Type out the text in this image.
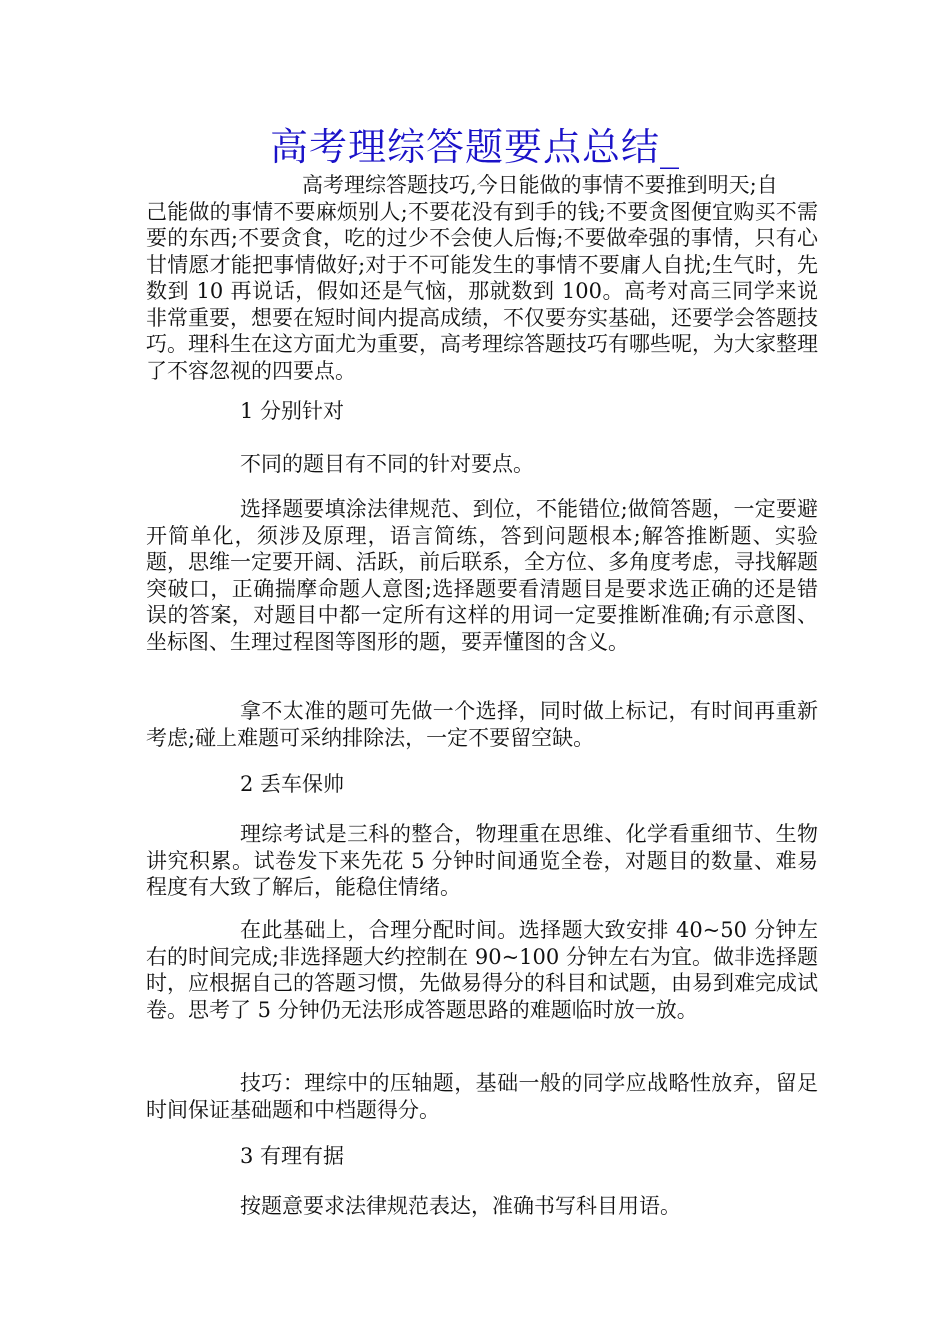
高考理综答题要点总结_
高考理综答题技巧,今日能做的事情不要推到明天;自
己能做的事情不要麻烦别人;不要花没有到手的钱;不要贪图便宜购买不需要的东西;不要贪食，吃的过少不会使人后悔;不要做牵强的事情，只有心甘情愿才能把事情做好;对于不可能发生的事情不要庸人自扰;生气时，先数到 10 再说话，假如还是气恼，那就数到 100。高考对高三同学来说非常重要，想要在短时间内提高成绩，不仅要夯实基础，还要学会答题技巧。理科生在这方面尤为重要，高考理综答题技巧有哪些呢，为大家整理了不容忽视的四要点。
1 分别针对
不同的题目有不同的针对要点。
选择题要填涂法律规范、到位，不能错位;做简答题，一定要避开简单化，须涉及原理，语言简练，答到问题根本;解答推断题、实验题，思维一定要开阔、活跃，前后联系，全方位、多角度考虑，寻找解题突破口，正确揣摩命题人意图;选择题要看清题目是要求选正确的还是错误的答案，对题目中都一定所有这样的用词一定要推断准确;有示意图、坐标图、生理过程图等图形的题，要弄懂图的含义。
拿不太准的题可先做一个选择，同时做上标记，有时间再重新考虑;碰上难题可采纳排除法，一定不要留空缺。
2 丢车保帅
理综考试是三科的整合，物理重在思维、化学看重细节、生物讲究积累。试卷发下来先花 5 分钟时间通览全卷，对题目的数量、难易程度有大致了解后，能稳住情绪。
在此基础上，合理分配时间。选择题大致安排 40~50 分钟左右的时间完成;非选择题大约控制在 90~100 分钟左右为宜。做非选择题时，应根据自己的答题习惯，先做易得分的科目和试题，由易到难完成试卷。思考了 5 分钟仍无法形成答题思路的难题临时放一放。
技巧：理综中的压轴题，基础一般的同学应战略性放弃，留足时间保证基础题和中档题得分。
3 有理有据
按题意要求法律规范表达，准确书写科目用语。
